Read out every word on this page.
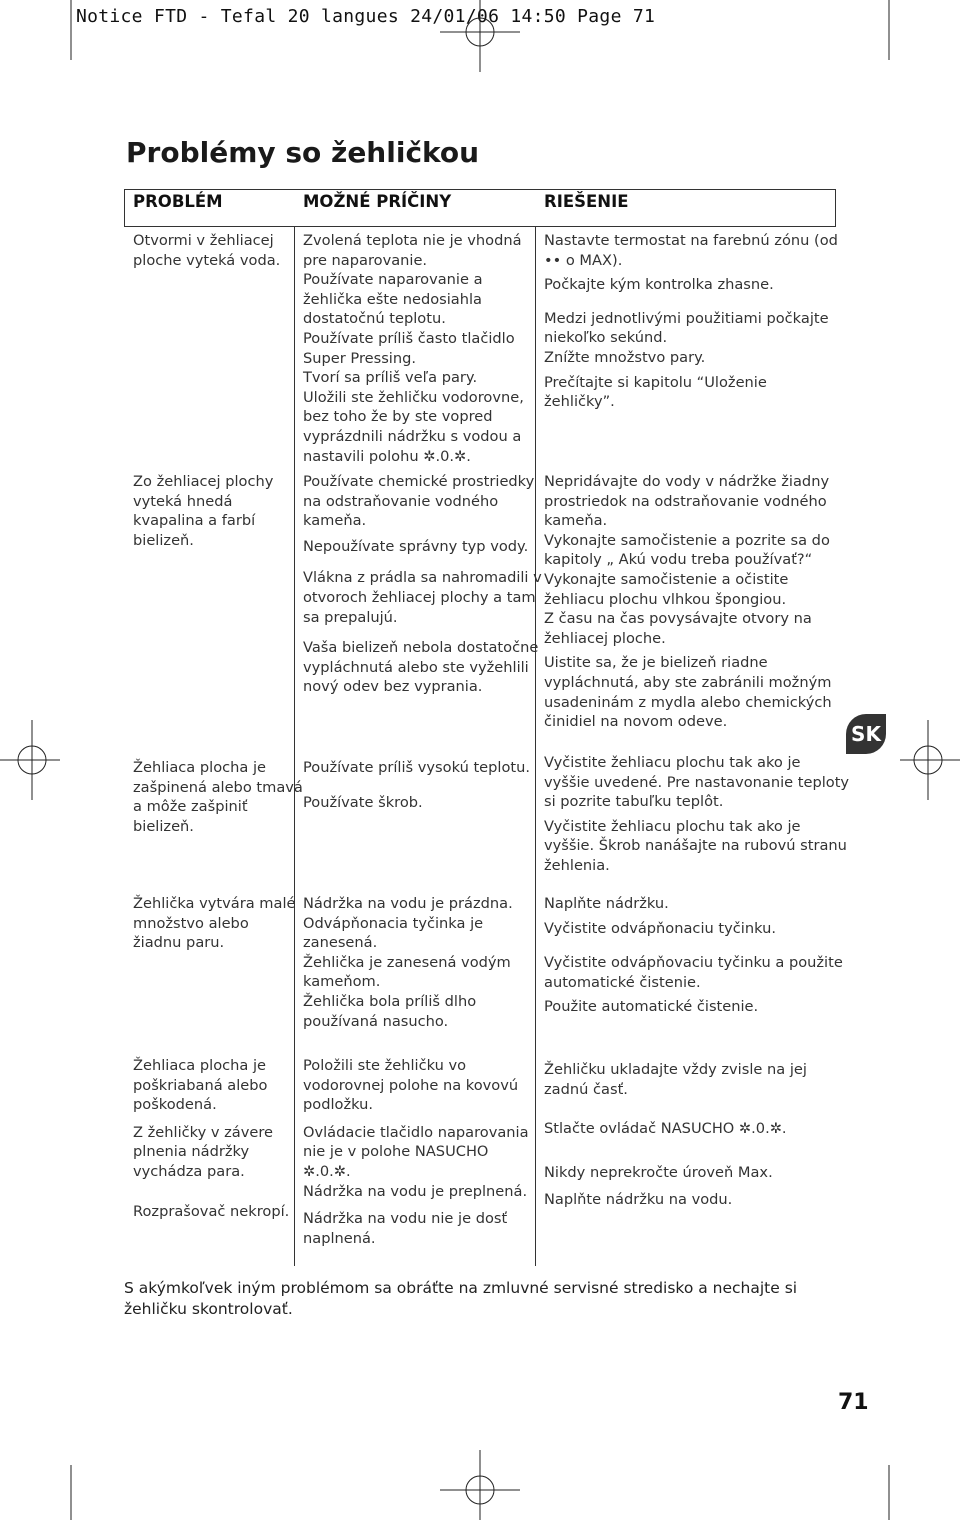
Notice FTD - Tefal 20 langues 24/01/06 14:50 Page 71
Problémy so žehličkou
PROBLÉM	MOŽNÉ PRÍČINY	RIEŠENIE
Otvormi v žehliacej
ploche vyteká voda.
Zvolená teplota nie je vhodná
pre naparovanie.
Používate naparovanie a
žehlička ešte nedosiahla
dostatočnú teplotu.
Používate príliš často tlačidlo
Super Pressing.
Tvorí sa príliš veľa pary.
Uložili ste žehličku vodorovne,
bez toho že by ste vopred
vyprázdnili nádržku s vodou a
nastavili polohu ✲.0.✲.
Nastavte termostat na farebnú zónu (od
•• o MAX).
Počkajte kým kontrolka zhasne.
Medzi jednotlivými použitiami počkajte
niekoľko sekúnd.
Znížte množstvo pary.
Prečítajte si kapitolu “Uloženie
žehličky”.
Zo žehliacej plochy
vyteká hnedá
kvapalina a farbí
bielizeň.
Používate chemické prostriedky
na odstraňovanie vodného
kameňa.
Nepoužívate správny typ vody.
Vlákna z prádla sa nahromadili v
otvoroch žehliacej plochy a tam
sa prepalujú.
Vaša bielizeň nebola dostatočne
vypláchnutá alebo ste vyžehlili
nový odev bez vyprania.
Nepridávajte do vody v nádržke žiadny
prostriedok na odstraňovanie vodného
kameňa.
Vykonajte samočistenie a pozrite sa do
kapitoly „ Akú vodu treba používať?“
Vykonajte samočistenie a očistite
žehliacu plochu vlhkou špongiou.
Z času na čas povysávajte otvory na
žehliacej ploche.
Uistite sa, že je bielizeň riadne
vypláchnutá, aby ste zabránili možným
usadeninám z mydla alebo chemických
činidiel na novom odeve.
Žehliaca plocha je
zašpinená alebo tmavá
a môže zašpiniť
bielizeň.
Používate príliš vysokú teplotu.
Používate škrob.
Vyčistite žehliacu plochu tak ako je
vyššie uvedené. Pre nastavonanie teploty
si pozrite tabuľku teplôt.
Vyčistite žehliacu plochu tak ako je
vyššie. Škrob nanášajte na rubovú stranu
žehlenia.
Žehlička vytvára malé
množstvo alebo
žiadnu paru.
Nádržka na vodu je prázdna.
Odvápňonacia tyčinka je
zanesená.
Žehlička je zanesená vodým
kameňom.
Žehlička bola príliš dlho
používaná nasucho.
Naplňte nádržku.
Vyčistite odvápňonaciu tyčinku.
Vyčistite odvápňovaciu tyčinku a použite
automatické čistenie.
Použite automatické čistenie.
Žehliaca plocha je
poškriabaná alebo
poškodená.
Z žehličky v závere
plnenia nádržky
vychádza para.
Rozprašovač nekropí.
Položili ste žehličku vo
vodorovnej polohe na kovovú
podložku.
Ovládacie tlačidlo naparovania
nie je v polohe NASUCHO
✲.0.✲.
Nádržka na vodu je preplnená.
Nádržka na vodu nie je dosť
naplnená.
Žehličku ukladajte vždy zvisle na jej
zadnú časť.
Stlačte ovládač NASUCHO ✲.0.✲.
Nikdy neprekročte úroveň Max.
Naplňte nádržku na vodu.
S akýmkoľvek iným problémom sa obráťte na zmluvné servisné stredisko a nechajte si
žehličku skontrolovať.
SK
71
